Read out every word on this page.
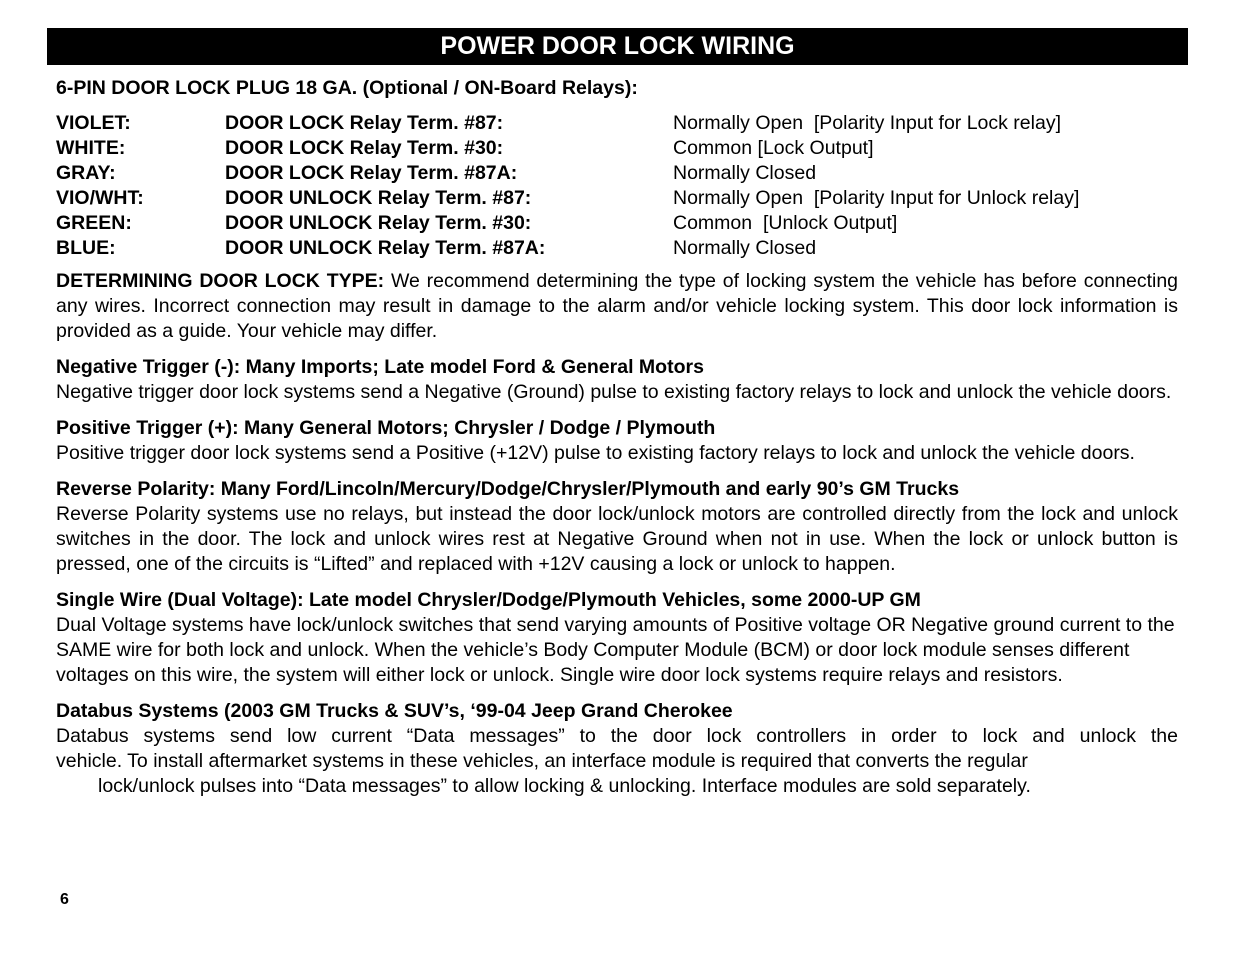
POWER DOOR LOCK WIRING

6-PIN DOOR LOCK PLUG 18 GA. (Optional / ON-Board Relays):

VIOLET:	DOOR LOCK Relay Term. #87:	Normally Open  [Polarity Input for Lock relay]
WHITE:	DOOR LOCK Relay Term. #30:	Common [Lock Output]
GRAY:	DOOR LOCK Relay Term. #87A:	Normally Closed
VIO/WHT:	DOOR UNLOCK Relay Term. #87:	Normally Open  [Polarity Input for Unlock relay]
GREEN:	DOOR UNLOCK Relay Term. #30:	Common  [Unlock Output]
BLUE:	DOOR UNLOCK Relay Term. #87A:	Normally Closed

DETERMINING DOOR LOCK TYPE: We recommend determining the type of locking system the vehicle has before connecting any wires. Incorrect connection may result in damage to the alarm and/or vehicle locking system. This door lock information is provided as a guide. Your vehicle may differ.

Negative Trigger (-): Many Imports; Late model Ford & General Motors
Negative trigger door lock systems send a Negative (Ground) pulse to existing factory relays to lock and unlock the vehicle doors.
Positive Trigger (+): Many General Motors; Chrysler / Dodge / Plymouth
Positive trigger door lock systems send a Positive (+12V) pulse to existing factory relays to lock and unlock the vehicle doors.
Reverse Polarity: Many Ford/Lincoln/Mercury/Dodge/Chrysler/Plymouth and early 90’s GM Trucks
Reverse Polarity systems use no relays, but instead the door lock/unlock motors are controlled directly from the lock and unlock switches in the door. The lock and unlock wires rest at Negative Ground when not in use. When the lock or unlock button is pressed, one of the circuits is “Lifted” and replaced with +12V causing a lock or unlock to happen.
Single Wire (Dual Voltage): Late model Chrysler/Dodge/Plymouth Vehicles, some 2000-UP GM
Dual Voltage systems have lock/unlock switches that send varying amounts of Positive voltage OR Negative ground current to the SAME wire for both lock and unlock. When the vehicle’s Body Computer Module (BCM) or door lock module senses different voltages on this wire, the system will either lock or unlock. Single wire door lock systems require relays and resistors.
Databus Systems (2003 GM Trucks & SUV’s, ‘99-04 Jeep Grand Cherokee
Databus systems send low current “Data messages” to the door lock controllers in order to lock and unlock the
vehicle. To install aftermarket systems in these vehicles, an interface module is required that converts the regular
lock/unlock pulses into “Data messages” to allow locking & unlocking. Interface modules are sold separately.
6
